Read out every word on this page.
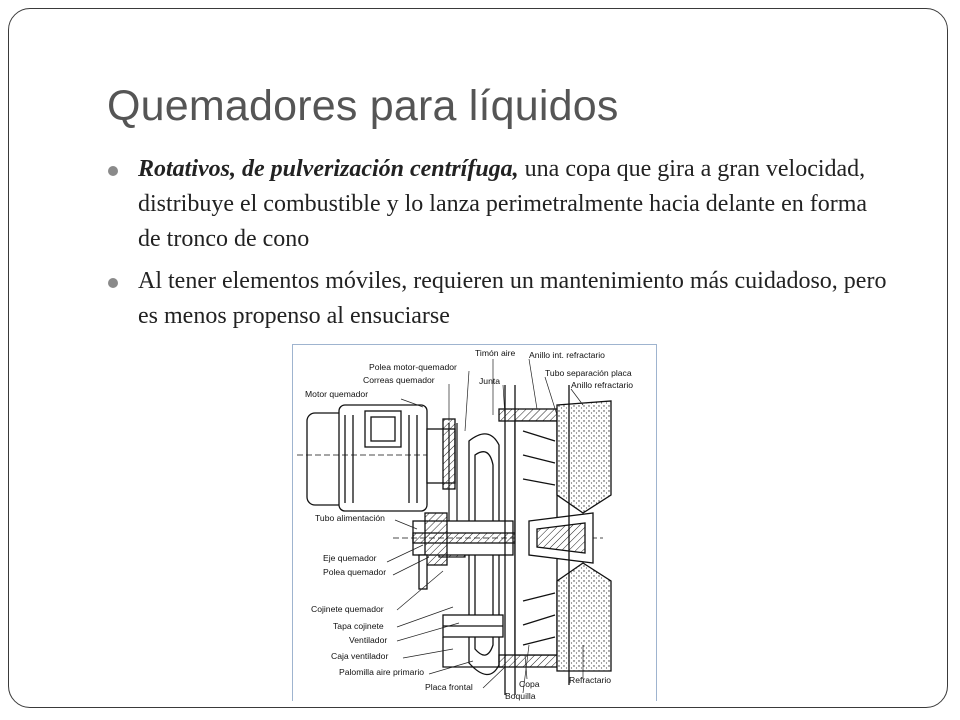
Quemadores para líquidos
Rotativos, de pulverización centrífuga, una copa que gira a gran velocidad, distribuye el combustible y lo lanza perimetralmente hacia delante en forma de tronco de cono
Al tener elementos móviles, requieren un mantenimiento más cuidadoso, pero es menos propenso al ensuciarse
Timón aire Anillo int. refractario
Polea motor-quemador
Junta
Tubo separación placa
Correas quemador	Anillo refractario
Motor quemador
Tubo alimentación
Eje quemador
Polea quemador
Cojinete quemador
Tapa cojinete
Ventilador
Caja ventilador
Palomilla aire primario
Placa frontal	Copa
Boquilla
Refractario
